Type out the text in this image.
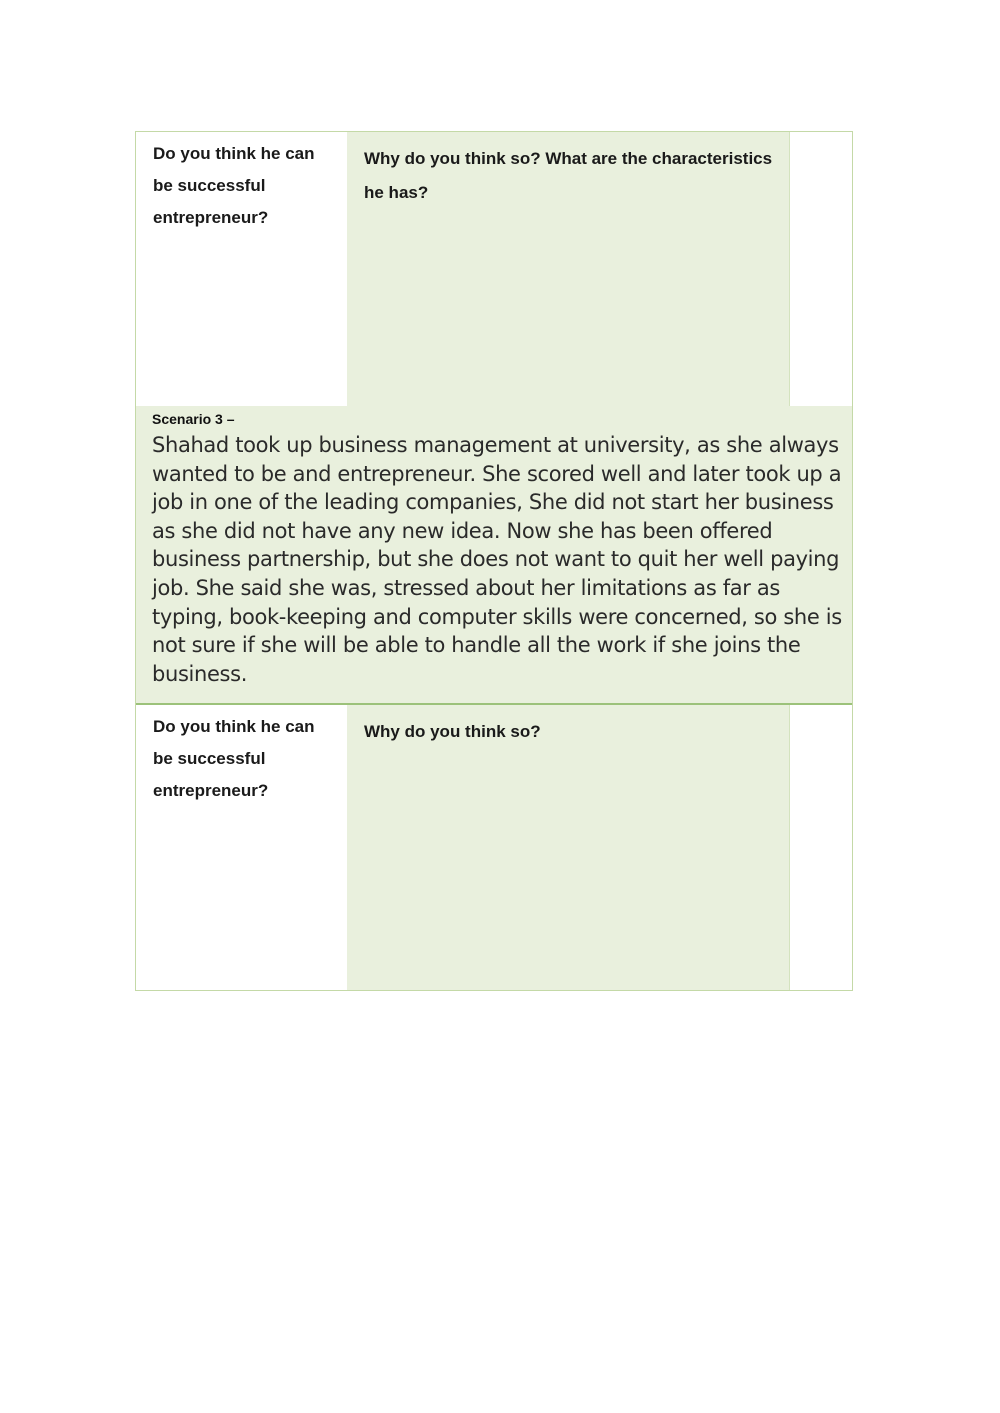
Do you think he can be successful entrepreneur?
Why do you think so? What are the characteristics he has?
Scenario 3 –
Shahad took up business management at university, as she always wanted to be and entrepreneur. She scored well and later took up a job in one of the leading companies, She did not start her business as she did not have any new idea. Now she has been offered business partnership, but she does not want to quit her well paying job. She said she was, stressed about her limitations as far as typing, book-keeping and computer skills were concerned, so she is not sure if she will be able to handle all the work if she joins the business.
Do you think he can be successful entrepreneur?
Why do you think so?
